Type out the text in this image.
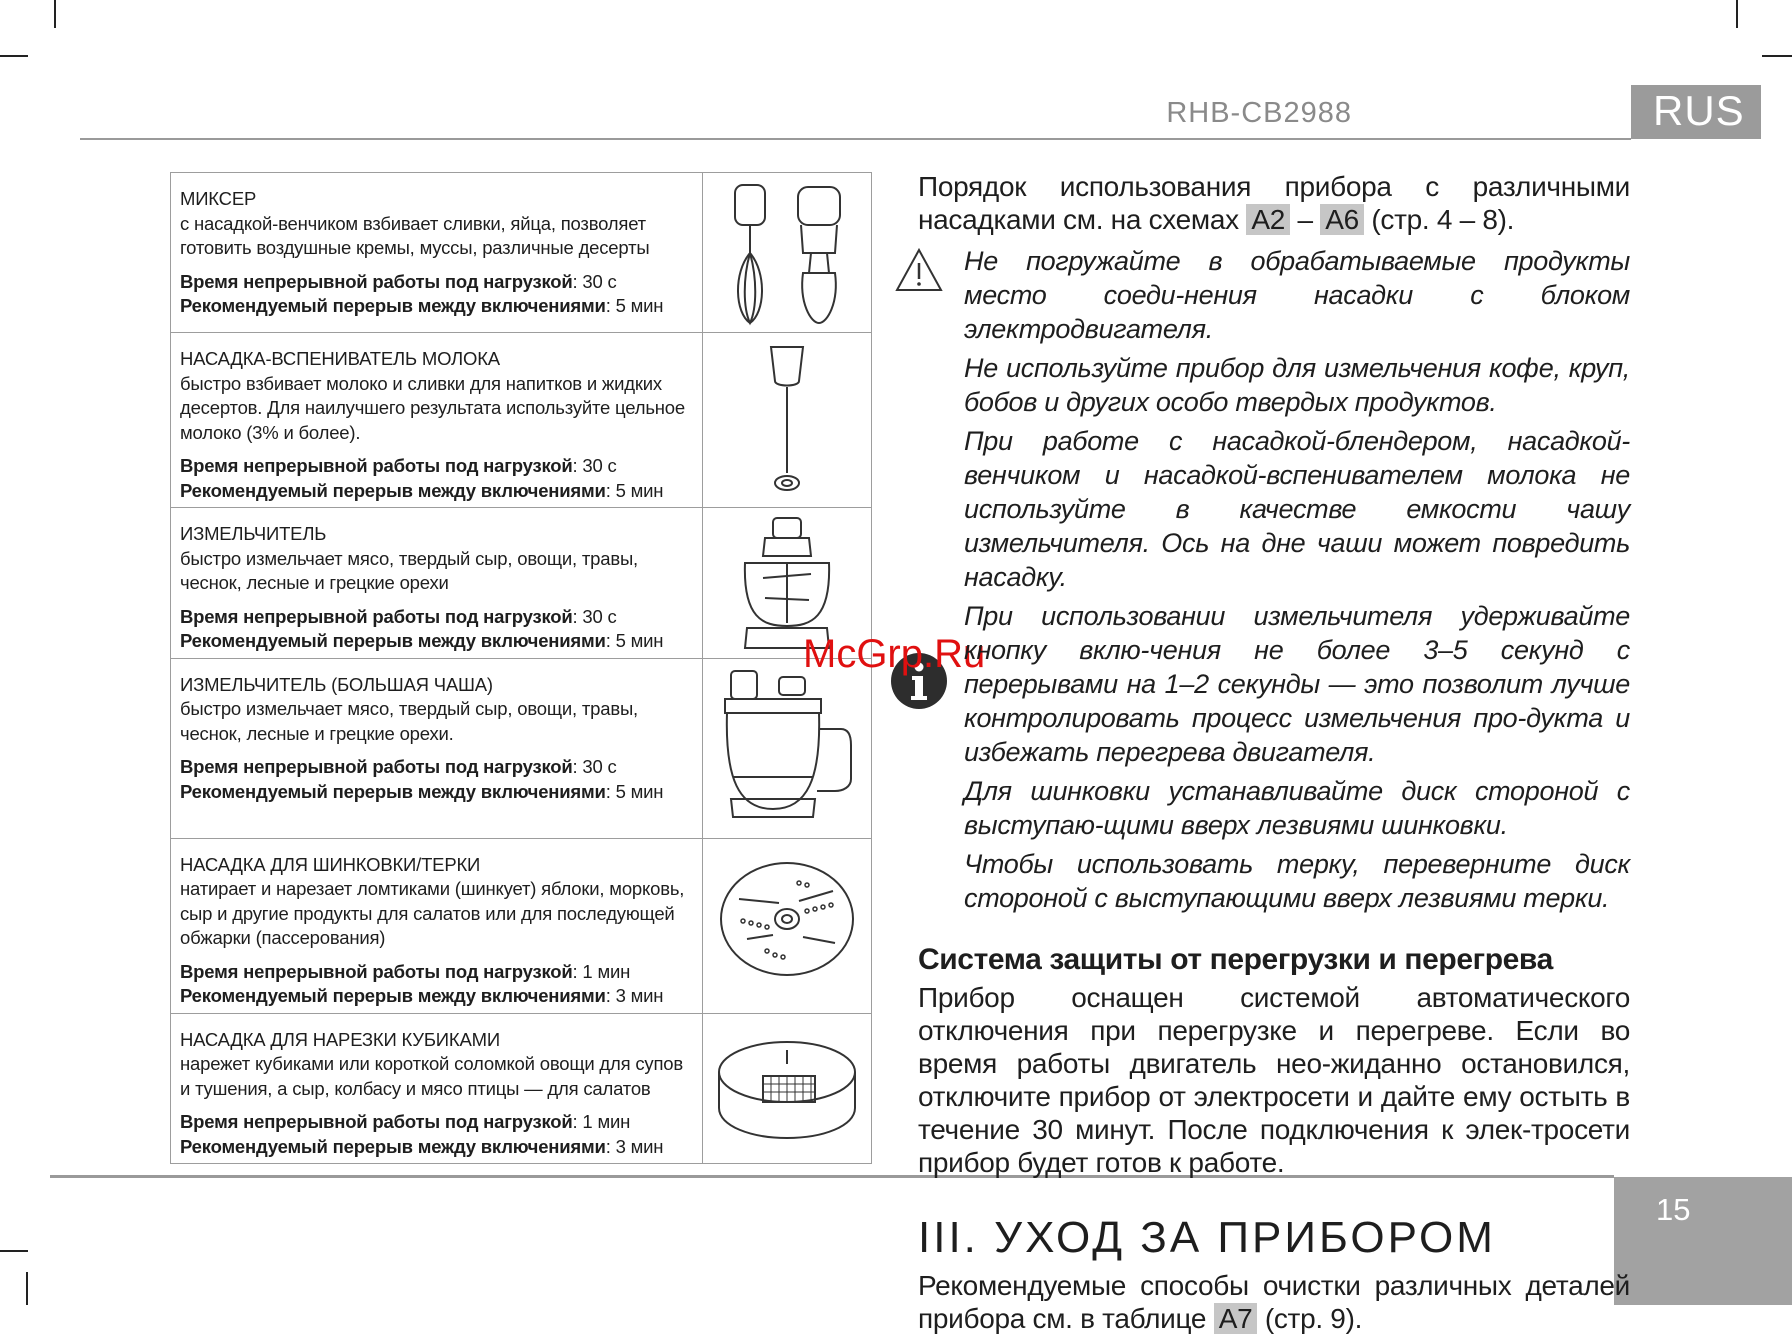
RHB-CB2988	RUS
15
МИКСЕР
с насадкой-венчиком взбивает сливки, яйца, позволяет готовить воздушные кремы, муссы, различные десерты
Время непрерывной работы под нагрузкой: 30 с
Рекомендуемый перерыв между включениями: 5 мин

НАСАДКА-ВСПЕНИВАТЕЛЬ МОЛОКА
быстро взбивает молоко и сливки для напитков и жидких десертов. Для наилучшего результата используйте цельное молоко (3% и более).
Время непрерывной работы под нагрузкой: 30 с
Рекомендуемый перерыв между включениями: 5 мин

ИЗМЕЛЬЧИТЕЛЬ
быстро измельчает мясо, твердый сыр, овощи, травы, чеснок, лесные и грецкие орехи
Время непрерывной работы под нагрузкой: 30 с
Рекомендуемый перерыв между включениями: 5 мин

ИЗМЕЛЬЧИТЕЛЬ (БОЛЬШАЯ ЧАША)
быстро измельчает мясо, твердый сыр, овощи, травы, чеснок, лесные и грецкие орехи.
Время непрерывной работы под нагрузкой: 30 с
Рекомендуемый перерыв между включениями: 5 мин

НАСАДКА ДЛЯ ШИНКОВКИ/ТЕРКИ
натирает и нарезает ломтиками (шинкует) яблоки, морковь, сыр и другие продукты для салатов или для последующей обжарки (пассерования)
Время непрерывной работы под нагрузкой: 1 мин
Рекомендуемый перерыв между включениями: 3 мин

НАСАДКА ДЛЯ НАРЕЗКИ КУБИКАМИ
нарежет кубиками или короткой соломкой овощи для супов и тушения, а сыр, колбасу и мясо птицы — для салатов
Время непрерывной работы под нагрузкой: 1 мин
Рекомендуемый перерыв между включениями: 3 мин

McGrp.Ru

Порядок использования прибора с различными насадками см. на схемах A2 – A6 (стр. 4 – 8).

Не погружайте в обрабатываемые продукты место соеди-нения насадки с блоком электродвигателя.

Не используйте прибор для измельчения кофе, круп, бобов и других особо твердых продуктов.

При работе с насадкой-блендером, насадкой-венчиком и насадкой-вспенивателем молока не используйте в качестве емкости чашу измельчителя. Ось на дне чаши может повредить насадку.

При использовании измельчителя удерживайте кнопку вклю-чения не более 3–5 секунд с перерывами на 1–2 секунды — это позволит лучше контролировать процесс измельчения про-дукта и избежать перегрева двигателя.

Для шинковки устанавливайте диск стороной с выступаю-щими вверх лезвиями шинковки.

Чтобы использовать терку, переверните диск стороной с выступающими вверх лезвиями терки.

Система защиты от перегрузки и перегрева

Прибор оснащен системой автоматического отключения при перегрузке и перегреве. Если во время работы двигатель нео-жиданно остановился, отключите прибор от электросети и дайте ему остыть в течение 30 минут. После подключения к элек-тросети прибор будет готов к работе.

III. УХОД ЗА ПРИБОРОМ

Рекомендуемые способы очистки различных деталей прибора см. в таблице A7 (стр. 9).
